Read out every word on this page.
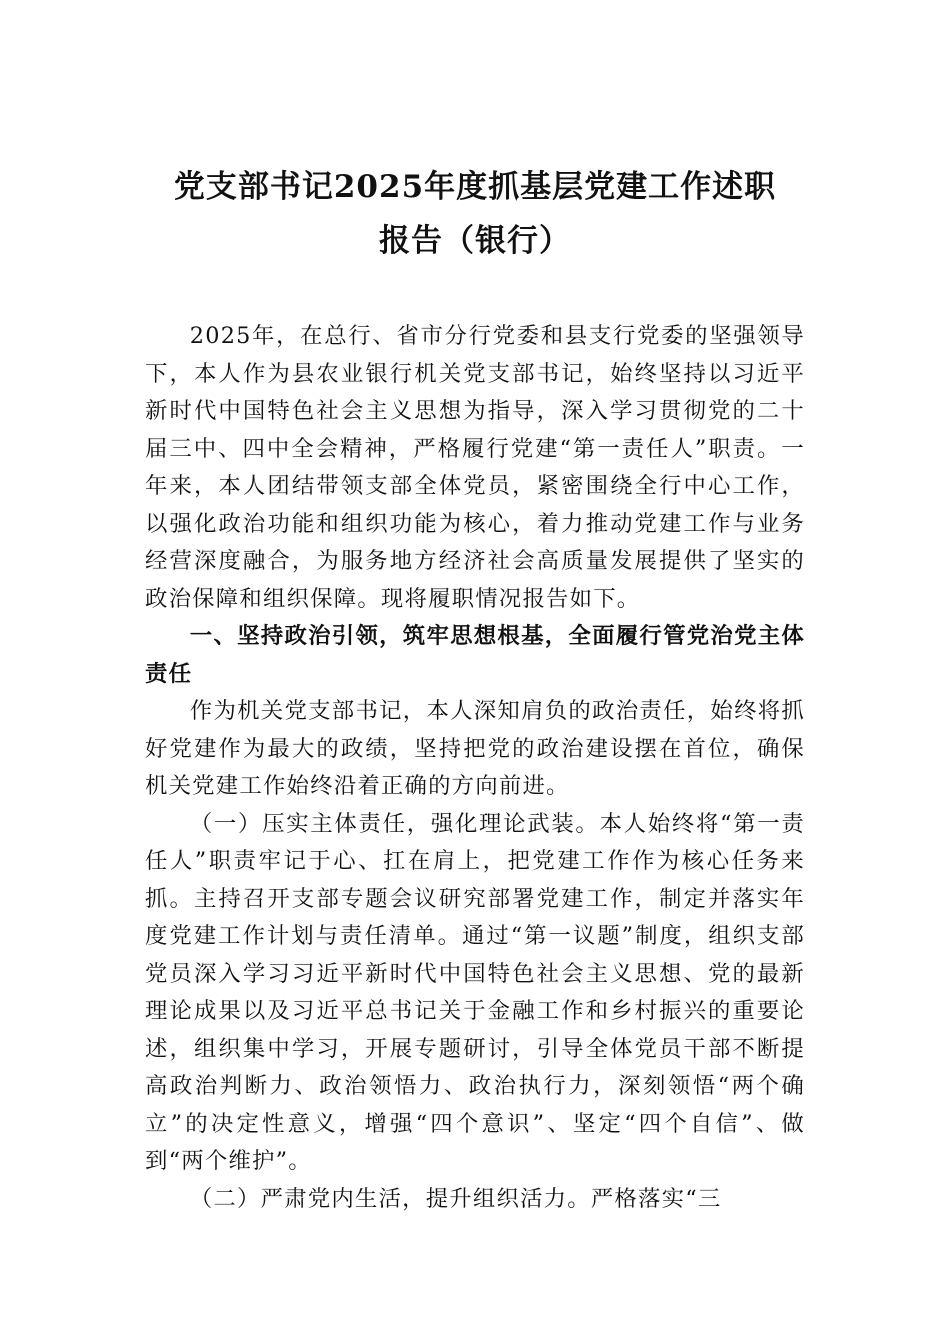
党支部书记2025年度抓基层党建工作述职
报告（银行）

2025年，在总行、省市分行党委和县支行党委的坚强领导下，本人作为县农业银行机关党支部书记，始终坚持以习近平新时代中国特色社会主义思想为指导，深入学习贯彻党的二十届三中、四中全会精神，严格履行党建“第一责任人”职责。一年来，本人团结带领支部全体党员，紧密围绕全行中心工作，以强化政治功能和组织功能为核心，着力推动党建工作与业务经营深度融合，为服务地方经济社会高质量发展提供了坚实的政治保障和组织保障。现将履职情况报告如下。

一、坚持政治引领，筑牢思想根基，全面履行管党治党主体责任

作为机关党支部书记，本人深知肩负的政治责任，始终将抓好党建作为最大的政绩，坚持把党的政治建设摆在首位，确保机关党建工作始终沿着正确的方向前进。

（一）压实主体责任，强化理论武装。本人始终将“第一责任人”职责牢记于心、扛在肩上，把党建工作作为核心任务来抓。主持召开支部专题会议研究部署党建工作，制定并落实年度党建工作计划与责任清单。通过“第一议题”制度，组织支部党员深入学习习近平新时代中国特色社会主义思想、党的最新理论成果以及习近平总书记关于金融工作和乡村振兴的重要论述，组织集中学习，开展专题研讨，引导全体党员干部不断提高政治判断力、政治领悟力、政治执行力，深刻领悟“两个确立”的决定性意义，增强“四个意识”、坚定“四个自信”、做到“两个维护”。

（二）严肃党内生活，提升组织活力。严格落实“三
